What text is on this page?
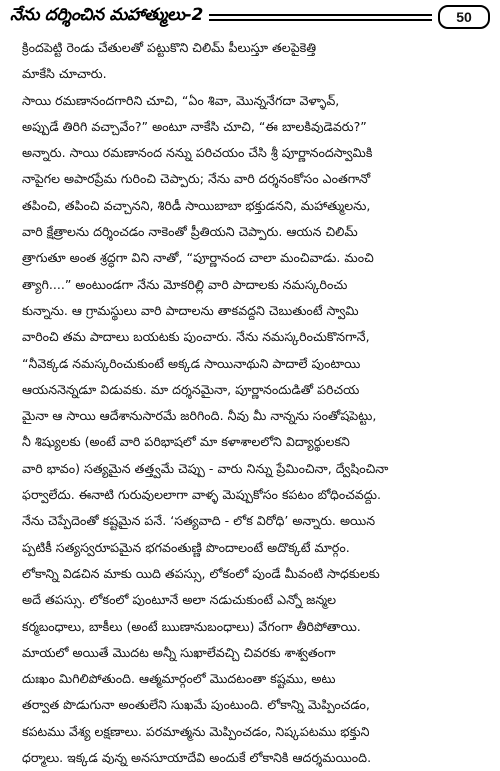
నేను దర్శించిన మహాత్ములు-2	50
క్రిందపెట్టి రెండు చేతులతో పట్టుకొని చిలిమ్ పీలుస్తూ తలపైకెత్తి
మాకేసి చూచారు.
సాయి రమణానందగారిని చూచి, “ఏం శివా, మొన్ననేగదా వెళ్ళావ్,
అప్పుడే తిరిగి వచ్చావేం?” అంటూ నాకేసి చూచి, “ఈ బాలకివుడెవరు?”
అన్నారు. సాయి రమణానంద నన్ను పరిచయం చేసి శ్రీ పూర్ణానందస్వామికి
నాపైగల అపారప్రేమ గురించి చెప్పారు; నేను వారి దర్శనంకోసం ఎంతగానో
తపించి, తపించి వచ్చానని, శిరిడీ సాయిబాబా భక్తుడనని, మహాత్ములను,
వారి క్షేత్రాలను దర్శించడం నాకెంతో ప్రీతియని చెప్పారు. ఆయన చిలిమ్
త్రాగుతూ అంత శ్రద్ధగా విని నాతో, “పూర్ణానంద చాలా మంచివాడు. మంచి
త్యాగి....” అంటుండగా నేను మోకరిల్లి వారి పాదాలకు నమస్కరించు
కున్నాను. ఆ గ్రామస్థులు వారి పాదాలను తాకవద్దని చెబుతుంటే స్వామి
వారించి తమ పాదాలు బయటకు పుంచారు. నేను నమస్కరించుకొనగానే,
“నీవెక్కడ నమస్కరించుకుంటే అక్కడ సాయినాథుని పాదాలే పుంటాయి
ఆయననెన్నడూ విడువకు. మా దర్శనమైనా, పూర్ణానందుడితో పరిచయ
మైనా ఆ సాయి ఆదేశానుసారమే జరిగింది. నీవు మీ నాన్నను సంతోషపెట్టు,
నీ శిష్యులకు (అంటే వారి పరిభాషలో మా కళాశాలలోని విద్యార్థులకని
వారి భావం) సత్యమైన తత్త్వమే చెప్పు - వారు నిన్ను ప్రేమించినా, ద్వేషించినా
ఫర్వాలేదు. ఈనాటి గురువులలాగా వాళ్ళ మెప్పుకోసం కపటం బోధించవద్దు.
నేను చెప్పేదెంతో కష్టమైన పనే. ‘సత్యవాది - లోక విరోధి’ అన్నారు. అయిన
ప్పటికీ సత్యస్వరూపమైన భగవంతుణ్ణి పొందాలంటే అదొక్కటే మార్గం.
లోకాన్ని విడచిన మాకు యిది తపస్సు, లోకంలో పుండే మీవంటి సాధకులకు
అదే తపస్సు. లోకంలో పుంటూనే అలా నడుచుకుంటే ఎన్నో జన్మల
కర్మబంధాలు, బాకీలు (అంటే ఋణానుబంధాలు) వేగంగా తీరిపోతాయి.
మాయలో అయితే మొదట అన్నీ సుఖాలేవచ్చి చివరకు శాశ్వతంగా
దుఃఖం మిగిలిపోతుంది. ఆత్మమార్గంలో మొదటంతా కష్టము, అటు
తర్వాత పొడుగునా అంతులేని సుఖమే పుంటుంది. లోకాన్ని మెప్పించడం,
కపటము వేశ్య లక్షణాలు. పరమాత్మను మెప్పించడం, నిష్కపటము భక్తుని
ధర్మాలు. ఇక్కడ వున్న అనసూయాదేవి అందుకే లోకానికి ఆదర్శమయింది.
